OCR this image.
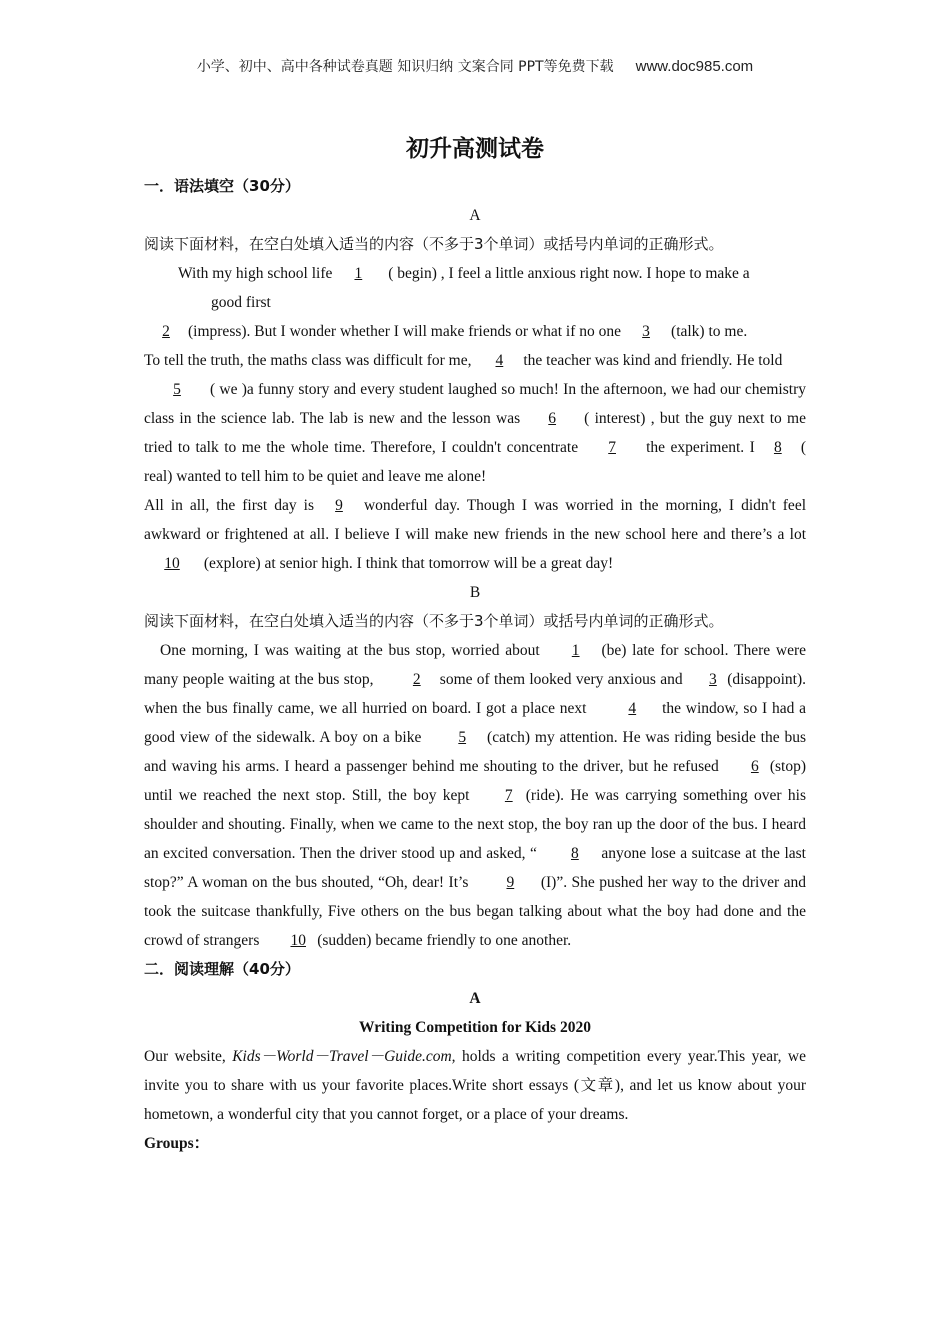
小学、初中、高中各种试卷真题 知识归纳 文案合同 PPT等免费下载 www.doc985.com
初升高测试卷

一．语法填空（30分）

A

阅读下面材料，在空白处填入适当的内容（不多于3个单词）或括号内单词的正确形式。

With my high school life 1 ( begin) , I feel a little anxious right now. I hope to make a

good first

2 (impress). But I wonder whether I will make friends or what if no one 3 (talk) to me.

To tell the truth, the maths class was difficult for me, 4 the teacher was kind and friendly. He told

5 ( we )a funny story and every student laughed so much! In the afternoon, we had our chemistry class in the science lab. The lab is new and the lesson was 6 ( interest) , but the guy next to me tried to talk to me the whole time. Therefore, I couldn't concentrate 7 the experiment. I 8 ( real) wanted to tell him to be quiet and leave me alone!

All in all, the first day is 9 wonderful day. Though I was worried in the morning, I didn't feel awkward or frightened at all. I believe I will make new friends in the new school here and there’s a lot10 (explore) at senior high. I think that tomorrow will be a great day!

B

阅读下面材料，在空白处填入适当的内容（不多于3个单词）或括号内单词的正确形式。

One morning, I was waiting at the bus stop, worried about 1 (be) late for school. There were many people waiting at the bus stop, 2 some of them looked very anxious and 3 (disappoint). when the bus finally came, we all hurried on board. I got a place next 4 the window, so I had a good view of the sidewalk. A boy on a bike 5 (catch) my attention. He was riding beside the bus and waving his arms. I heard a passenger behind me shouting to the driver, but he refused 6 (stop) until we reached the next stop. Still, the boy kept 7 (ride). He was carrying something over his shoulder and shouting. Finally, when we came to the next stop, the boy ran up the door of the bus. I heard an excited conversation. Then the driver stood up and asked, “ 8 anyone lose a suitcase at the last stop?” A woman on the bus shouted, “Oh, dear! It’s 9 (I)”. She pushed her way to the driver and took the suitcase thankfully, Five others on the bus began talking about what the boy had done and the crowd of strangers 10 (sudden) became friendly to one another.

二．阅读理解（40分）

A

Writing Competition for Kids 2020

Our website, Kids－World－Travel－Guide.com, holds a writing competition every year.This year, we invite you to share with us your favorite places.Write short essays (文章), and let us know about your hometown, a wonderful city that you cannot forget, or a place of your dreams.

Groups：
